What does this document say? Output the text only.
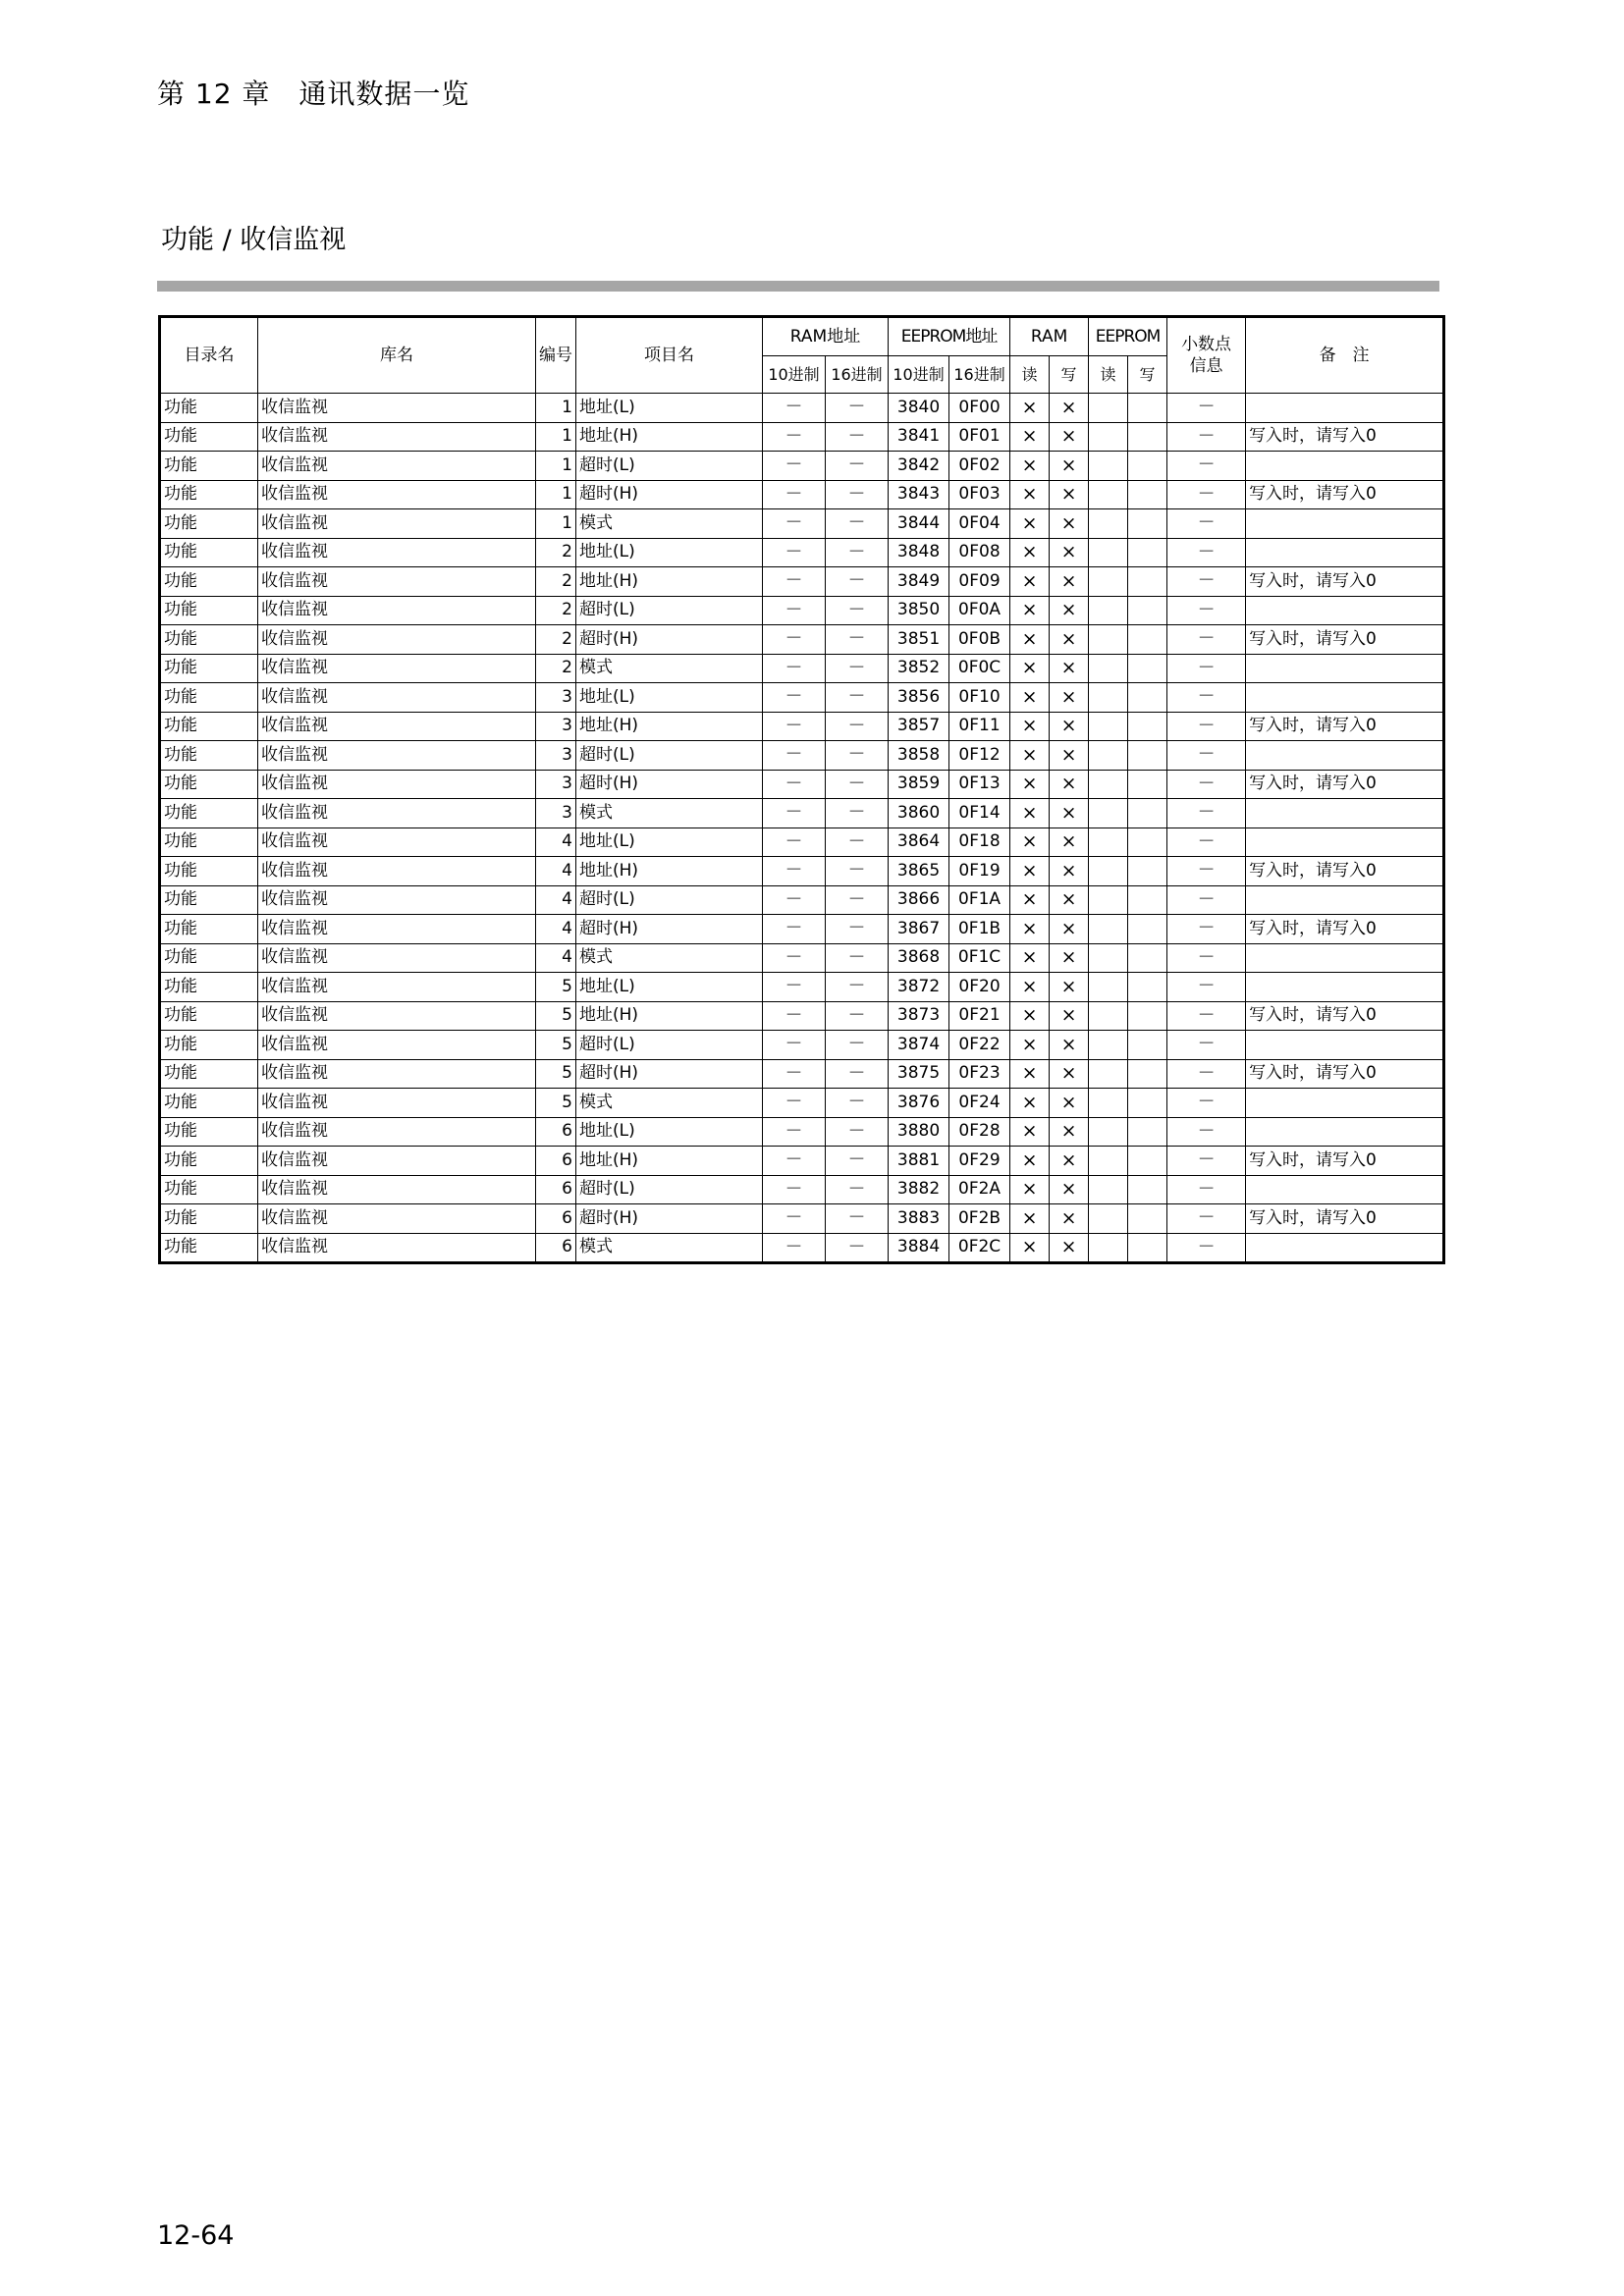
第 12 章　通讯数据一览
功能 / 收信监视
目录名	库名	编号	项目名	RAM地址		EEPROM地址		RAM		EEPROM		小数点信息	备　注
				10进制	16进制	10进制	16进制	读	写	读	写		
功能	收信监视	1	地址(L)	－	－	3840	0F00	×	×			－	
功能	收信监视	1	地址(H)	－	－	3841	0F01	×	×			－	写入时，请写入0
功能	收信监视	1	超时(L)	－	－	3842	0F02	×	×			－	
功能	收信监视	1	超时(H)	－	－	3843	0F03	×	×			－	写入时，请写入0
功能	收信监视	1	模式	－	－	3844	0F04	×	×			－	
功能	收信监视	2	地址(L)	－	－	3848	0F08	×	×			－	
功能	收信监视	2	地址(H)	－	－	3849	0F09	×	×			－	写入时，请写入0
功能	收信监视	2	超时(L)	－	－	3850	0F0A	×	×			－	
功能	收信监视	2	超时(H)	－	－	3851	0F0B	×	×			－	写入时，请写入0
功能	收信监视	2	模式	－	－	3852	0F0C	×	×			－	
功能	收信监视	3	地址(L)	－	－	3856	0F10	×	×			－	
功能	收信监视	3	地址(H)	－	－	3857	0F11	×	×			－	写入时，请写入0
功能	收信监视	3	超时(L)	－	－	3858	0F12	×	×			－	
功能	收信监视	3	超时(H)	－	－	3859	0F13	×	×			－	写入时，请写入0
功能	收信监视	3	模式	－	－	3860	0F14	×	×			－	
功能	收信监视	4	地址(L)	－	－	3864	0F18	×	×			－	
功能	收信监视	4	地址(H)	－	－	3865	0F19	×	×			－	写入时，请写入0
功能	收信监视	4	超时(L)	－	－	3866	0F1A	×	×			－	
功能	收信监视	4	超时(H)	－	－	3867	0F1B	×	×			－	写入时，请写入0
功能	收信监视	4	模式	－	－	3868	0F1C	×	×			－	
功能	收信监视	5	地址(L)	－	－	3872	0F20	×	×			－	
功能	收信监视	5	地址(H)	－	－	3873	0F21	×	×			－	写入时，请写入0
功能	收信监视	5	超时(L)	－	－	3874	0F22	×	×			－	
功能	收信监视	5	超时(H)	－	－	3875	0F23	×	×			－	写入时，请写入0
功能	收信监视	5	模式	－	－	3876	0F24	×	×			－	
功能	收信监视	6	地址(L)	－	－	3880	0F28	×	×			－	
功能	收信监视	6	地址(H)	－	－	3881	0F29	×	×			－	写入时，请写入0
功能	收信监视	6	超时(L)	－	－	3882	0F2A	×	×			－	
功能	收信监视	6	超时(H)	－	－	3883	0F2B	×	×			－	写入时，请写入0
功能	收信监视	6	模式	－	－	3884	0F2C	×	×			－	
12-64
